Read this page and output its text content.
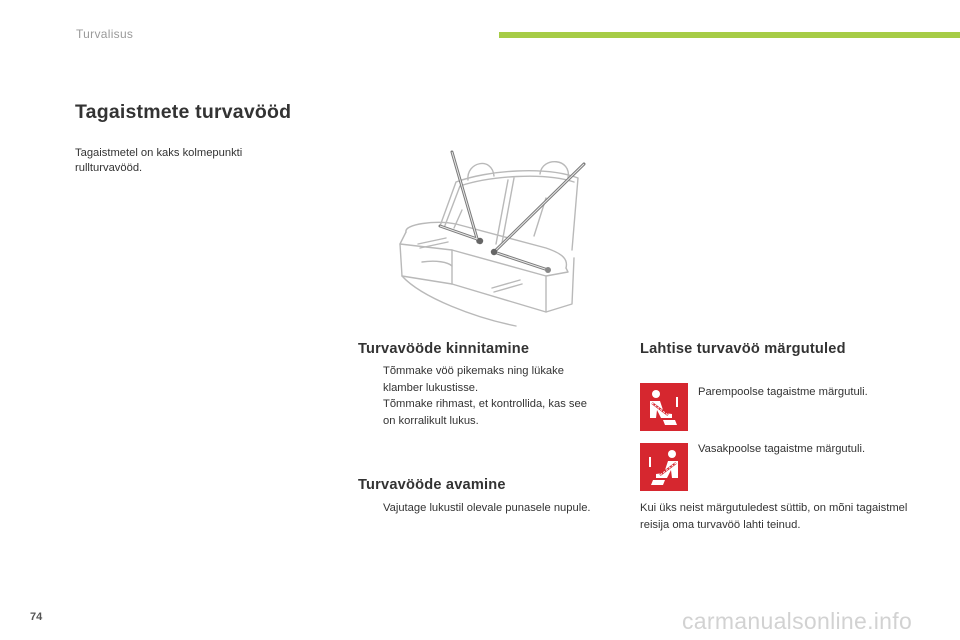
Turvalisus
Tagaistmete turvavööd
Tagaistmetel on kaks kolmepunkti rullturvavööd.
Turvavööde kinnitamine
Tõmmake vöö pikemaks ning lükake klamber lukustisse.
Tõmmake rihmast, et kontrollida, kas see on korralikult lukus.
Turvavööde avamine
Vajutage lukustil olevale punasele nupule.
Lahtise turvavöö märgutuled
Parempoolse tagaistme märgutuli.
Vasakpoolse tagaistme märgutuli.
Kui üks neist märgutuledest süttib, on mõni tagaistmel reisija oma turvavöö lahti teinud.
74	carmanualsonline.info
